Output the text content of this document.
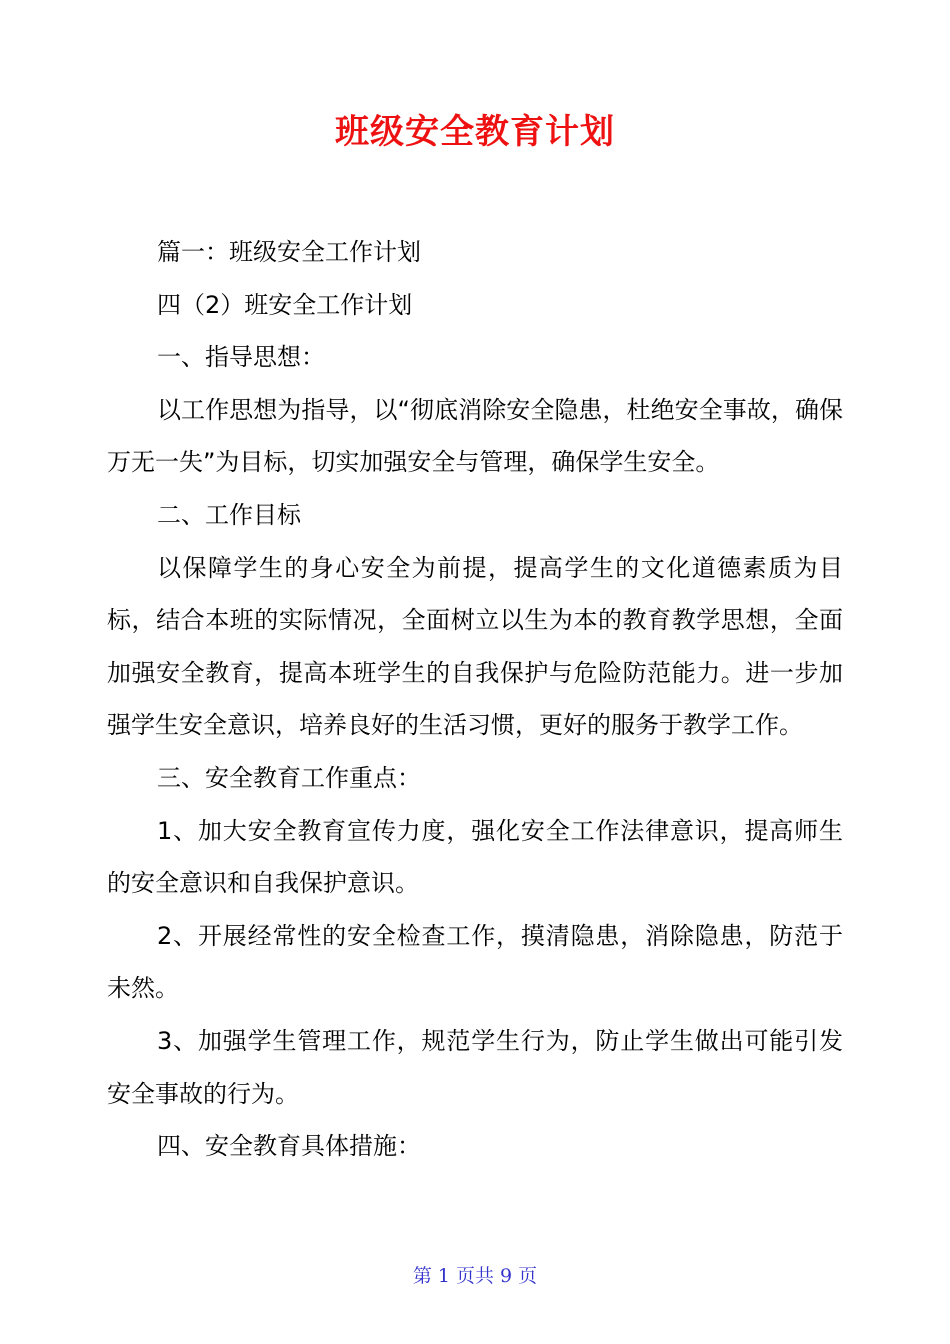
班级安全教育计划

篇一：班级安全工作计划

四（2）班安全工作计划

一、指导思想：

以工作思想为指导，以“彻底消除安全隐患，杜绝安全事故，确保万无一失”为目标，切实加强安全与管理，确保学生安全。

二、工作目标

以保障学生的身心安全为前提，提高学生的文化道德素质为目标，结合本班的实际情况，全面树立以生为本的教育教学思想，全面加强安全教育，提高本班学生的自我保护与危险防范能力。进一步加强学生安全意识，培养良好的生活习惯，更好的服务于教学工作。

三、安全教育工作重点：

1、加大安全教育宣传力度，强化安全工作法律意识，提高师生的安全意识和自我保护意识。

2、开展经常性的安全检查工作，摸清隐患，消除隐患，防范于未然。

3、加强学生管理工作，规范学生行为，防止学生做出可能引发安全事故的行为。

四、安全教育具体措施：

第 1 页共 9 页
